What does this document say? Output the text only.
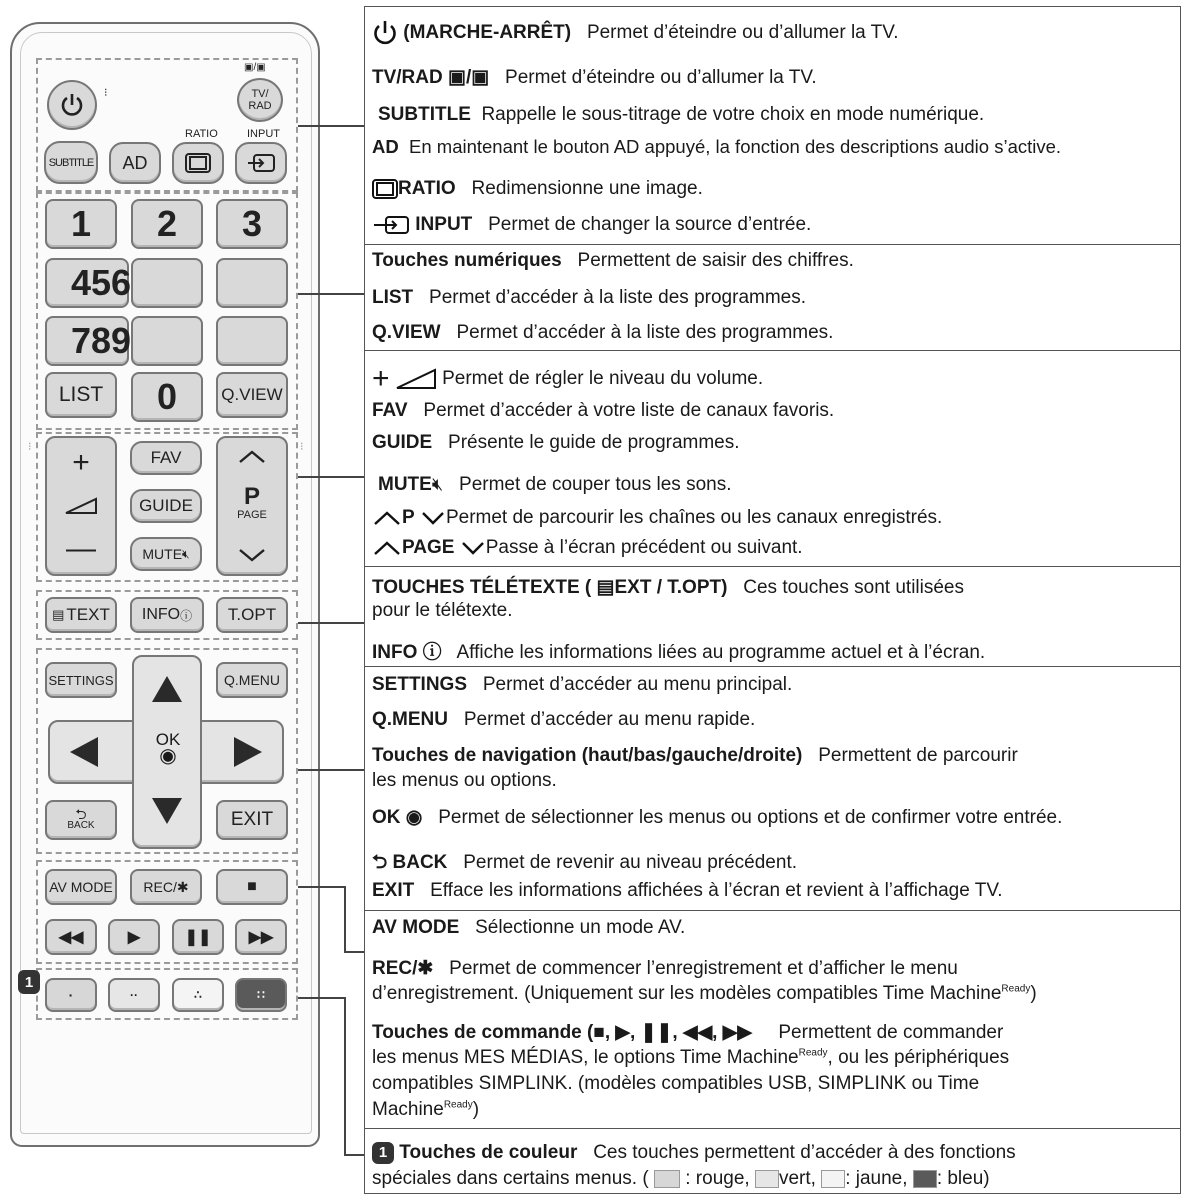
⁝
▣/▣
TV/
RAD
RATIO	INPUT
SUBTITLE	AD
1	2	3
456
789
LIST	0	Q.VIEW
+
—
⁝	⁝
FAV
GUIDE
MUTE 🔇︎
P
PAGE
▤ TEXT INFO ⓘ	T.OPT
SETTINGS	Q.MENU
OK
◉
⮌
BACK	EXIT
AV MODE	REC/ ✱	■
◀◀	▶	❚❚ ▶▶
1
·	··	∴	∷
(MARCHE-ARRÊT) Permet d’éteindre ou d’allumer la TV.
TV/RAD ▣/▣ Permet d’éteindre ou d’allumer la TV.
SUBTITLE Rappelle le sous-titrage de votre choix en mode numérique.
AD En maintenant le bouton AD appuyé, la fonction des descriptions audio s’active.
RATIO Redimensionne une image.
INPUT Permet de changer la source d’entrée.
Touches numériques Permettent de saisir des chiffres.
LIST Permet d’accéder à la liste des programmes.
Q.VIEW Permet d’accéder à la liste des programmes.
+	Permet de régler le niveau du volume.
FAV Permet d’accéder à votre liste de canaux favoris.
GUIDE Présente le guide de programmes.
MUTE🔇︎ Permet de couper tous les sons.
P Permet de parcourir les chaînes ou les canaux enregistrés.
PAGE Passe à l’écran précédent ou suivant.
TOUCHES TÉLÉTEXTE ( ▤EXT / T.OPT) Ces touches sont utilisées
pour le télétexte.
INFO ⓘ Affiche les informations liées au programme actuel et à l’écran.
SETTINGS Permet d’accéder au menu principal.
Q.MENU Permet d’accéder au menu rapide.
Touches de navigation (haut/bas/gauche/droite) Permettent de parcourir
les menus ou options.
OK ◉ Permet de sélectionner les menus ou options et de confirmer votre entrée.
⮌ BACK Permet de revenir au niveau précédent.
EXIT Efface les informations affichées à l’écran et revient à l’affichage TV.
AV MODE Sélectionne un mode AV.
REC/✱ Permet de commencer l’enregistrement et d’afficher le menu
d’enregistrement. (Uniquement sur les modèles compatibles Time Machine$^{Ready}$)
Touches de commande (■, ▶, ❚❚, ◀◀, ▶▶ Permettent de commander
les menus MES MÉDIAS, le options Time Machine$^{Ready}$, ou les périphériques
compatibles SIMPLINK. (modèles compatibles USB, SIMPLINK ou Time
Machine$^{Ready}$)
1 Touches de couleur Ces touches permettent d’accéder à des fonctions
spéciales dans certains menus. ( : rouge, vert, : jaune, : bleu)
